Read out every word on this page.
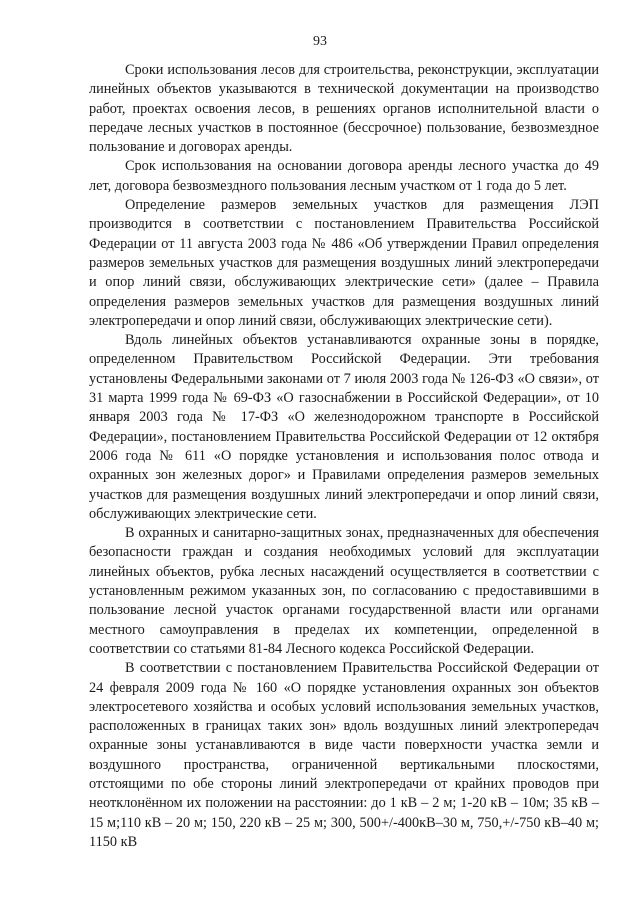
93

Сроки использования лесов для строительства, реконструкции, эксплуатации линейных объектов указываются в технической документации на производство работ, проектах освоения лесов, в решениях органов исполнительной власти о передаче лесных участков в постоянное (бессрочное) пользование, безвозмездное пользование и договорах аренды.

Срок использования на основании договора аренды лесного участка до 49 лет, договора безвозмездного пользования лесным участком от 1 года до 5 лет.

Определение размеров земельных участков для размещения ЛЭП производится в соответствии с постановлением Правительства Российской Федерации от 11 августа 2003 года № 486 «Об утверждении Правил определения размеров земельных участков для размещения воздушных линий электропередачи и опор линий связи, обслуживающих электрические сети» (далее – Правила определения размеров земельных участков для размещения воздушных линий электропередачи и опор линий связи, обслуживающих электрические сети).

Вдоль линейных объектов устанавливаются охранные зоны в порядке, определенном Правительством Российской Федерации. Эти требования установлены Федеральными законами от 7 июля 2003 года № 126-ФЗ «О связи», от 31 марта 1999 года № 69-ФЗ «О газоснабжении в Российской Федерации», от 10 января 2003 года № 17-ФЗ «О железнодорожном транспорте в Российской Федерации», постановлением Правительства Российской Федерации от 12 октября 2006 года № 611 «О порядке установления и использования полос отвода и охранных зон железных дорог» и Правилами определения размеров земельных участков для размещения воздушных линий электропередачи и опор линий связи, обслуживающих электрические сети.

В охранных и санитарно-защитных зонах, предназначенных для обеспечения безопасности граждан и создания необходимых условий для эксплуатации линейных объектов, рубка лесных насаждений осуществляется в соответствии с установленным режимом указанных зон, по согласованию с предоставившими в пользование лесной участок органами государственной власти или органами местного самоуправления в пределах их компетенции, определенной в соответствии со статьями 81-84 Лесного кодекса Российской Федерации.

В соответствии с постановлением Правительства Российской Федерации от 24 февраля 2009 года № 160 «О порядке установления охранных зон объектов электросетевого хозяйства и особых условий использования земельных участков, расположенных в границах таких зон» вдоль воздушных линий электропередач охранные зоны устанавливаются в виде части поверхности участка земли и воздушного пространства, ограниченной вертикальными плоскостями, отстоящими по обе стороны линий электропередачи от крайних проводов при неотклонённом их положении на расстоянии: до 1 кВ – 2 м; 1-20 кВ – 10м; 35 кВ – 15 м;110 кВ – 20 м; 150, 220 кВ – 25 м; 300, 500+/-400кВ–30 м, 750,+/-750 кВ–40 м; 1150 кВ
